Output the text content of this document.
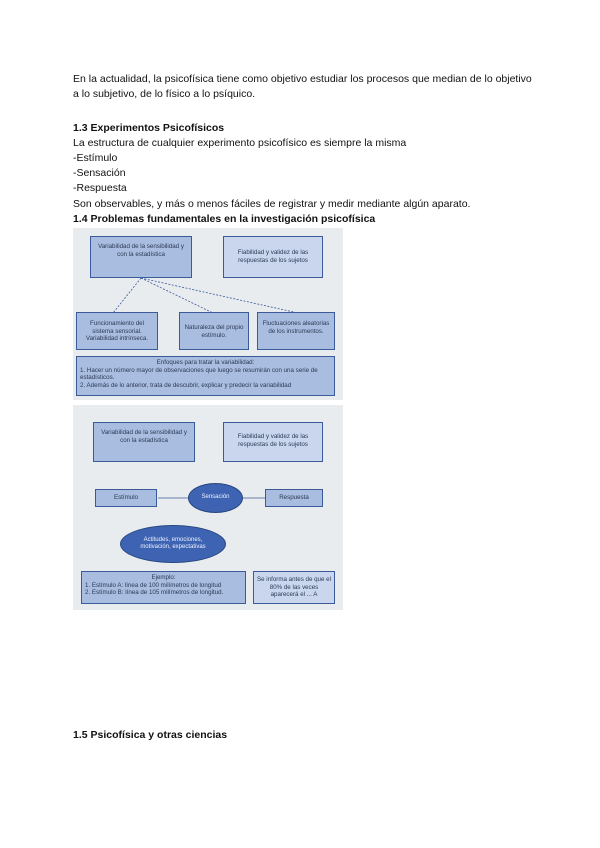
En la actualidad, la psicofísica tiene como objetivo estudiar los procesos que median de lo objetivo a lo subjetivo, de lo físico a lo psíquico.

1.3 Experimentos Psicofísicos

La estructura de cualquier experimento psicofísico es siempre la misma

-Estímulo

-Sensación

-Respuesta

Son observables, y más o menos fáciles de registrar y medir mediante algún aparato.

1.4 Problemas fundamentales en la investigación psicofísica

Variabilidad de la sensibilidad y con la estadística	Fiabilidad y validez de las respuestas de los sujetos
Funcionamiento del sistema sensorial. Variabilidad intrínseca.
Naturaleza del propio estímulo.
Fluctuaciones aleatorias de los instrumentos.
Enfoques para tratar la variabilidad:
1. Hacer un número mayor de observaciones que luego se resumirán con una serie de estadísticos.
2. Además de lo anterior, trata de descubrir, explicar y predecir la variabilidad
Variabilidad de la sensibilidad y con la estadística	Fiabilidad y validez de las respuestas de los sujetos
Estímulo	Sensación	Respuesta
Actitudes, emociones, motivación, expectativas
Ejemplo:
1. Estímulo A: línea de 100 milímetros de longitud
2. Estímulo B: línea de 105 milímetros de longitud.
Se informa antes de que el 80% de las veces aparecerá el ... A

1.5 Psicofísica y otras ciencias
